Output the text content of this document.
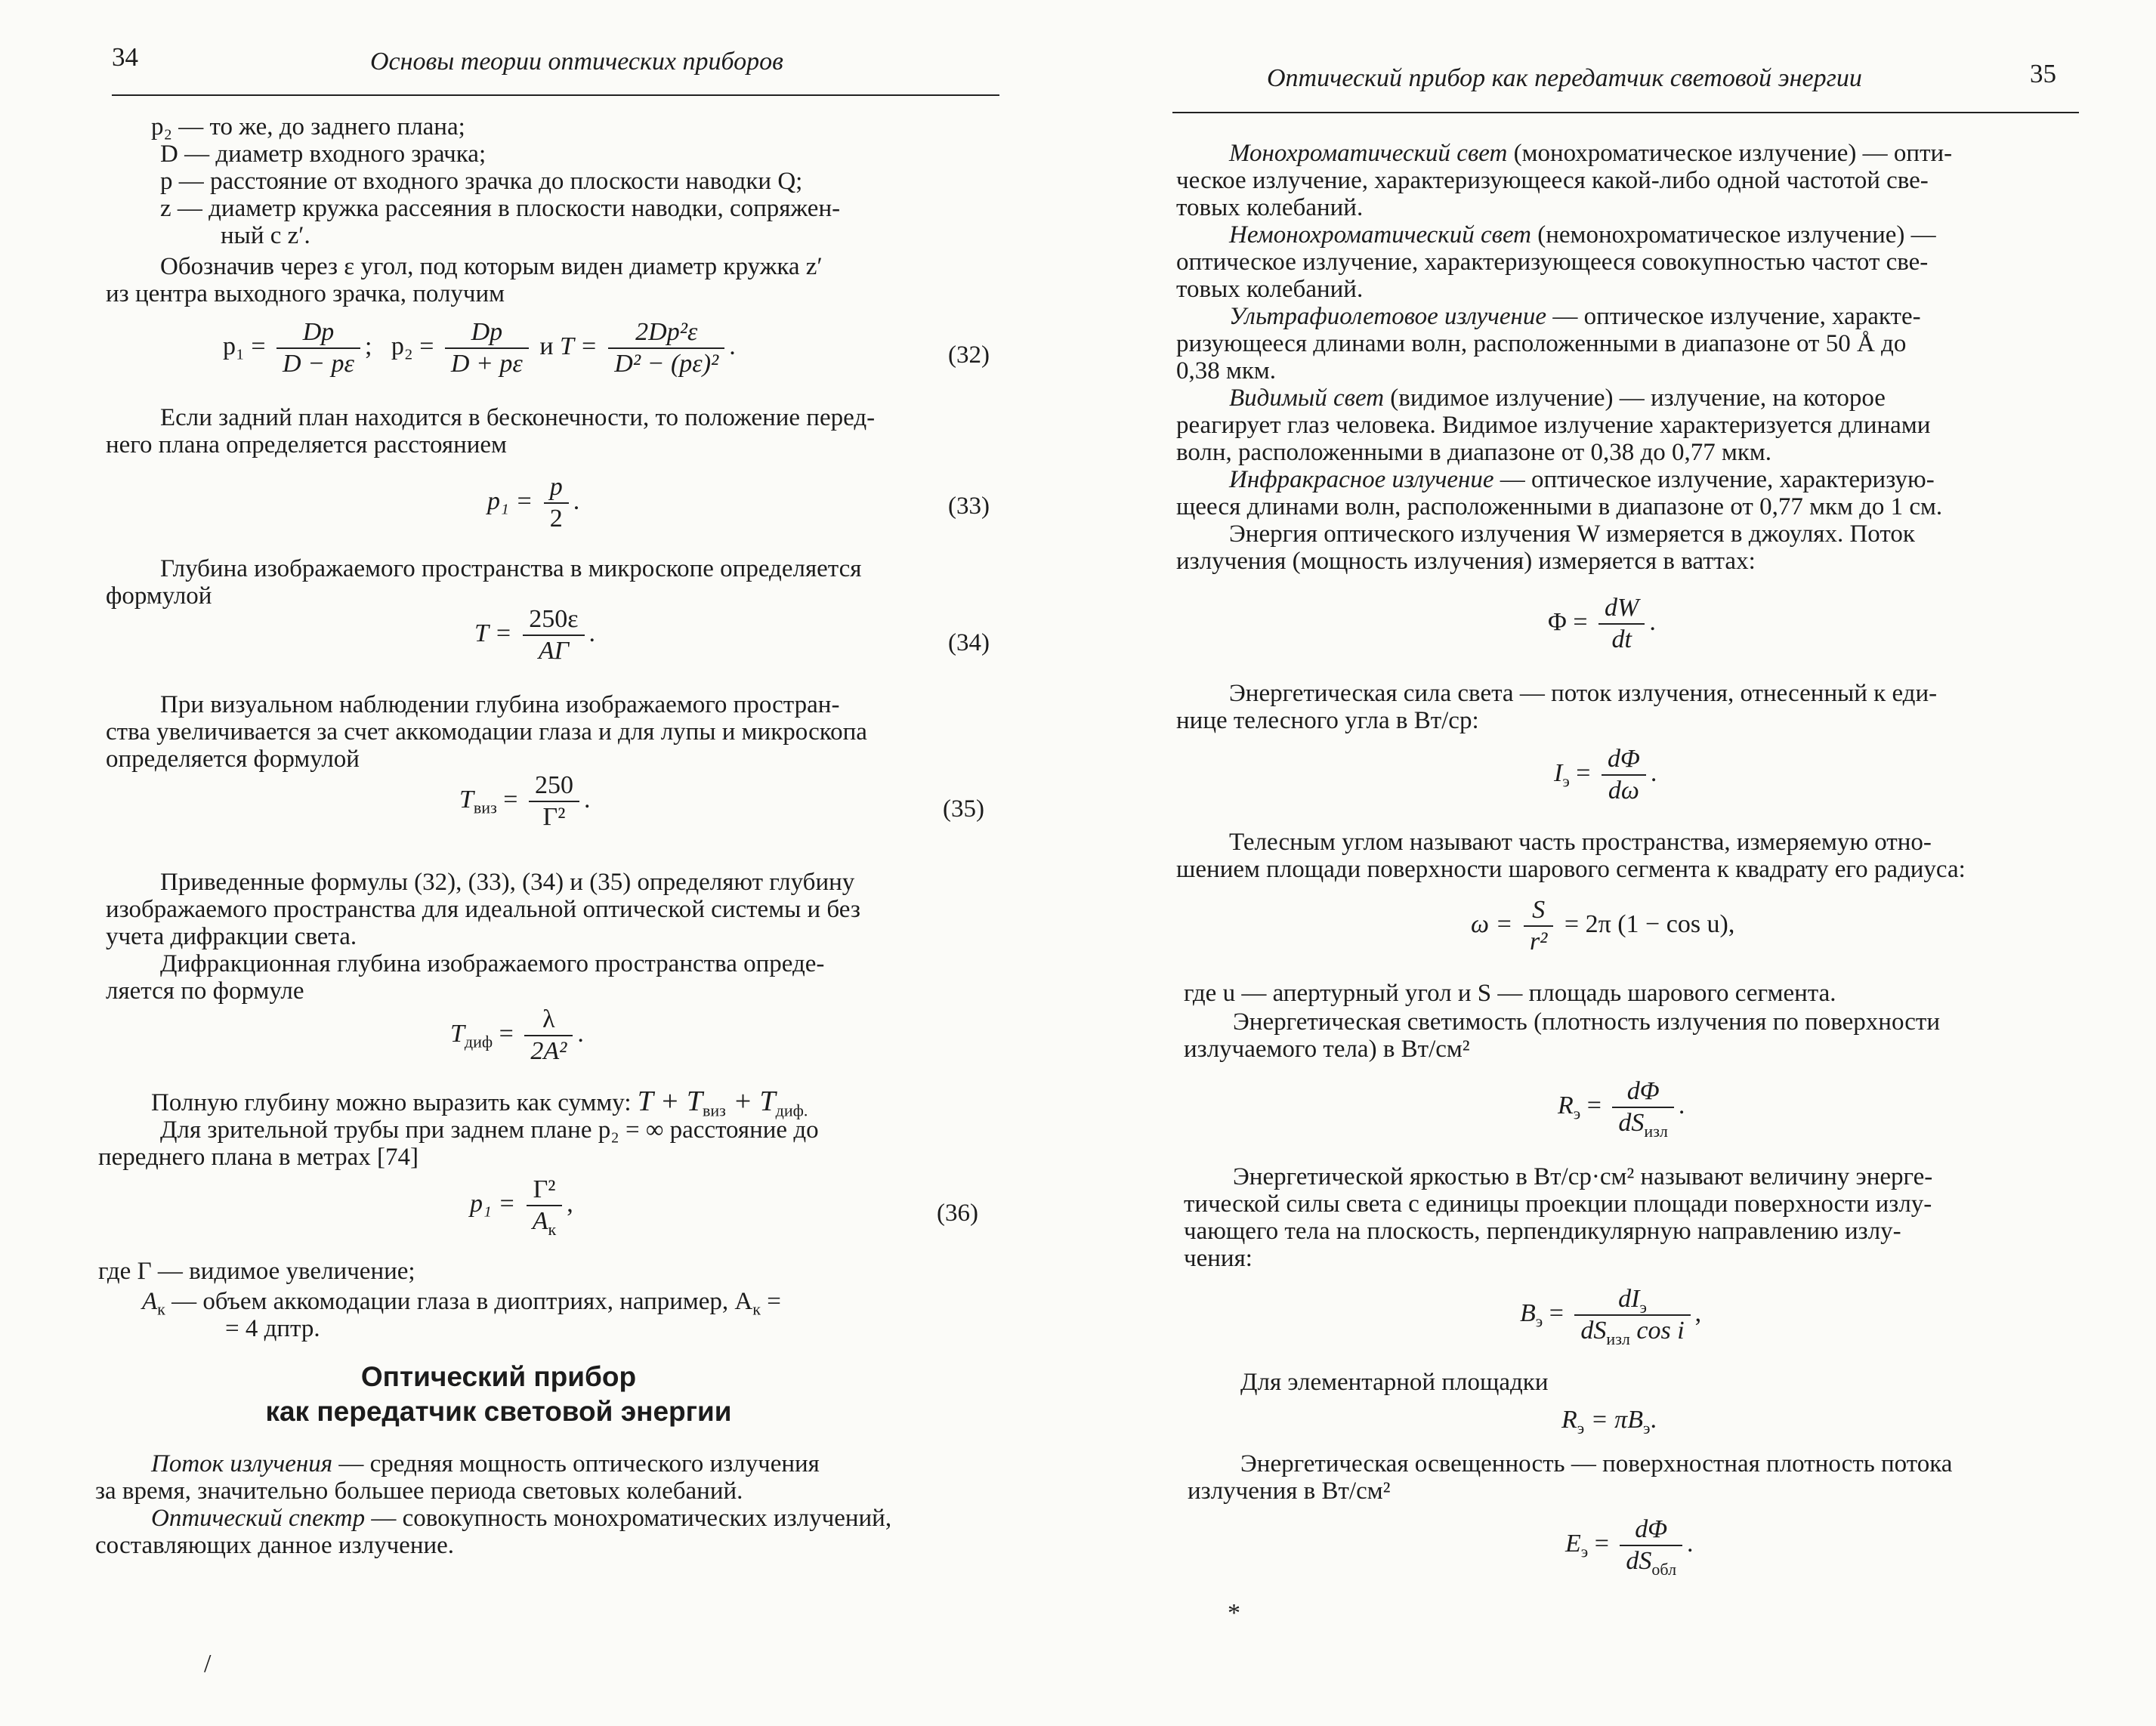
34	Основы теории оптических приборов
p₂ — то же, до заднего плана;
D — диаметр входного зрачка;
p — расстояние от входного зрачка до плоскости наводки Q;
z — диаметр кружка рассеяния в плоскости наводки, сопряжен-
ный с z′.
Обозначив через ε угол, под которым виден диаметр кружка z′
из центра выходного зрачка, получим
$p_1 = \frac{Dp}{D - p\varepsilon}$ ; $p_2 = \frac{Dp}{D + p\varepsilon}$ и $T = \frac{\text{2Dp²ε}}{\text{D² − (pε)²}}$ .	(32)
Если задний план находится в бесконечности, то положение перед-
него плана определяется расстоянием
$p_1 = \frac{p}{2}$ .	(33)
Глубина изображаемого пространства в микроскопе определяется
формулой
$T = \frac{250\varepsilon}{A\Gamma}$ .	(34)
При визуальном наблюдении глубина изображаемого простран-
ства увеличивается за счет аккомодации глаза и для лупы и микроскопа
определяется формулой
$T_{виз} = \frac{250}{\text{Γ²}}$ .	(35)
Приведенные формулы (32), (33), (34) и (35) определяют глубину
изображаемого пространства для идеальной оптической системы и без
учета дифракции света.
Дифракционная глубина изображаемого пространства опреде-
ляется по формуле
$T_{диф} = \frac{\lambda}{\text{2A²}}$ .
Полную глубину можно выразить как сумму: $T + T_{виз} + T_{диф.}$
Для зрительной трубы при заднем плане p₂ = ∞ расстояние до
переднего плана в метрах [74]
$p_1 = \frac{\text{Γ²}}{A_к}$ ,	(36)
где Γ — видимое увеличение;
$A_к$ — объем аккомодации глаза в диоптриях, например, $A_к$ =
= 4 дптр.
Оптический прибор
как передатчик световой энергии
Поток излучения — средняя мощность оптического излучения
за время, значительно большее периода световых колебаний.
Оптический спектр — совокупность монохроматических излучений,
составляющих данное излучение.
/
Оптический прибор как передатчик световой энергии	35
Монохроматический свет (монохроматическое излучение) — опти-
ческое излучение, характеризующееся какой-либо одной частотой све-
товых колебаний.
Немонохроматический свет (немонохроматическое излучение) —
оптическое излучение, характеризующееся совокупностью частот све-
товых колебаний.
Ультрафиолетовое излучение — оптическое излучение, характе-
ризующееся длинами волн, расположенными в диапазоне от 50 Å до
0,38 мкм.
Видимый свет (видимое излучение) — излучение, на которое
реагирует глаз человека. Видимое излучение характеризуется длинами
волн, расположенными в диапазоне от 0,38 до 0,77 мкм.
Инфракрасное излучение — оптическое излучение, характеризую-
щееся длинами волн, расположенными в диапазоне от 0,77 мкм до 1 см.
Энергия оптического излучения W измеряется в джоулях. Поток
излучения (мощность излучения) измеряется в ваттах:
$\Phi = \frac{dW}{dt}$ .
Энергетическая сила света — поток излучения, отнесенный к еди-
нице телесного угла в Вт/ср:
$I_э = \frac{d\Phi}{d\omega}$ .
Телесным углом называют часть пространства, измеряемую отно-
шением площади поверхности шарового сегмента к квадрату его радиуса:
$\omega = \frac{S}{\text{r²}} = 2\pi$ (1 − cos u),
где u — апертурный угол и S — площадь шарового сегмента.
Энергетическая светимость (плотность излучения по поверхности
излучаемого тела) в Вт/см²
$R_э = \frac{d\Phi}{dS_{изл}}$ .
Энергетической яркостью в Вт/ср·см² называют величину энерге-
тической силы света с единицы проекции площади поверхности излу-
чающего тела на плоскость, перпендикулярную направлению излу-
чения:
$B_э = \frac{dI_э}{dS_{изл} \cos i}$ ,
Для элементарной площадки
$R_э = \pi B_э$.
Энергетическая освещенность — поверхностная плотность потока
излучения в Вт/см²
$E_э = \frac{d\Phi}{dS_{обл}}$ .
*
